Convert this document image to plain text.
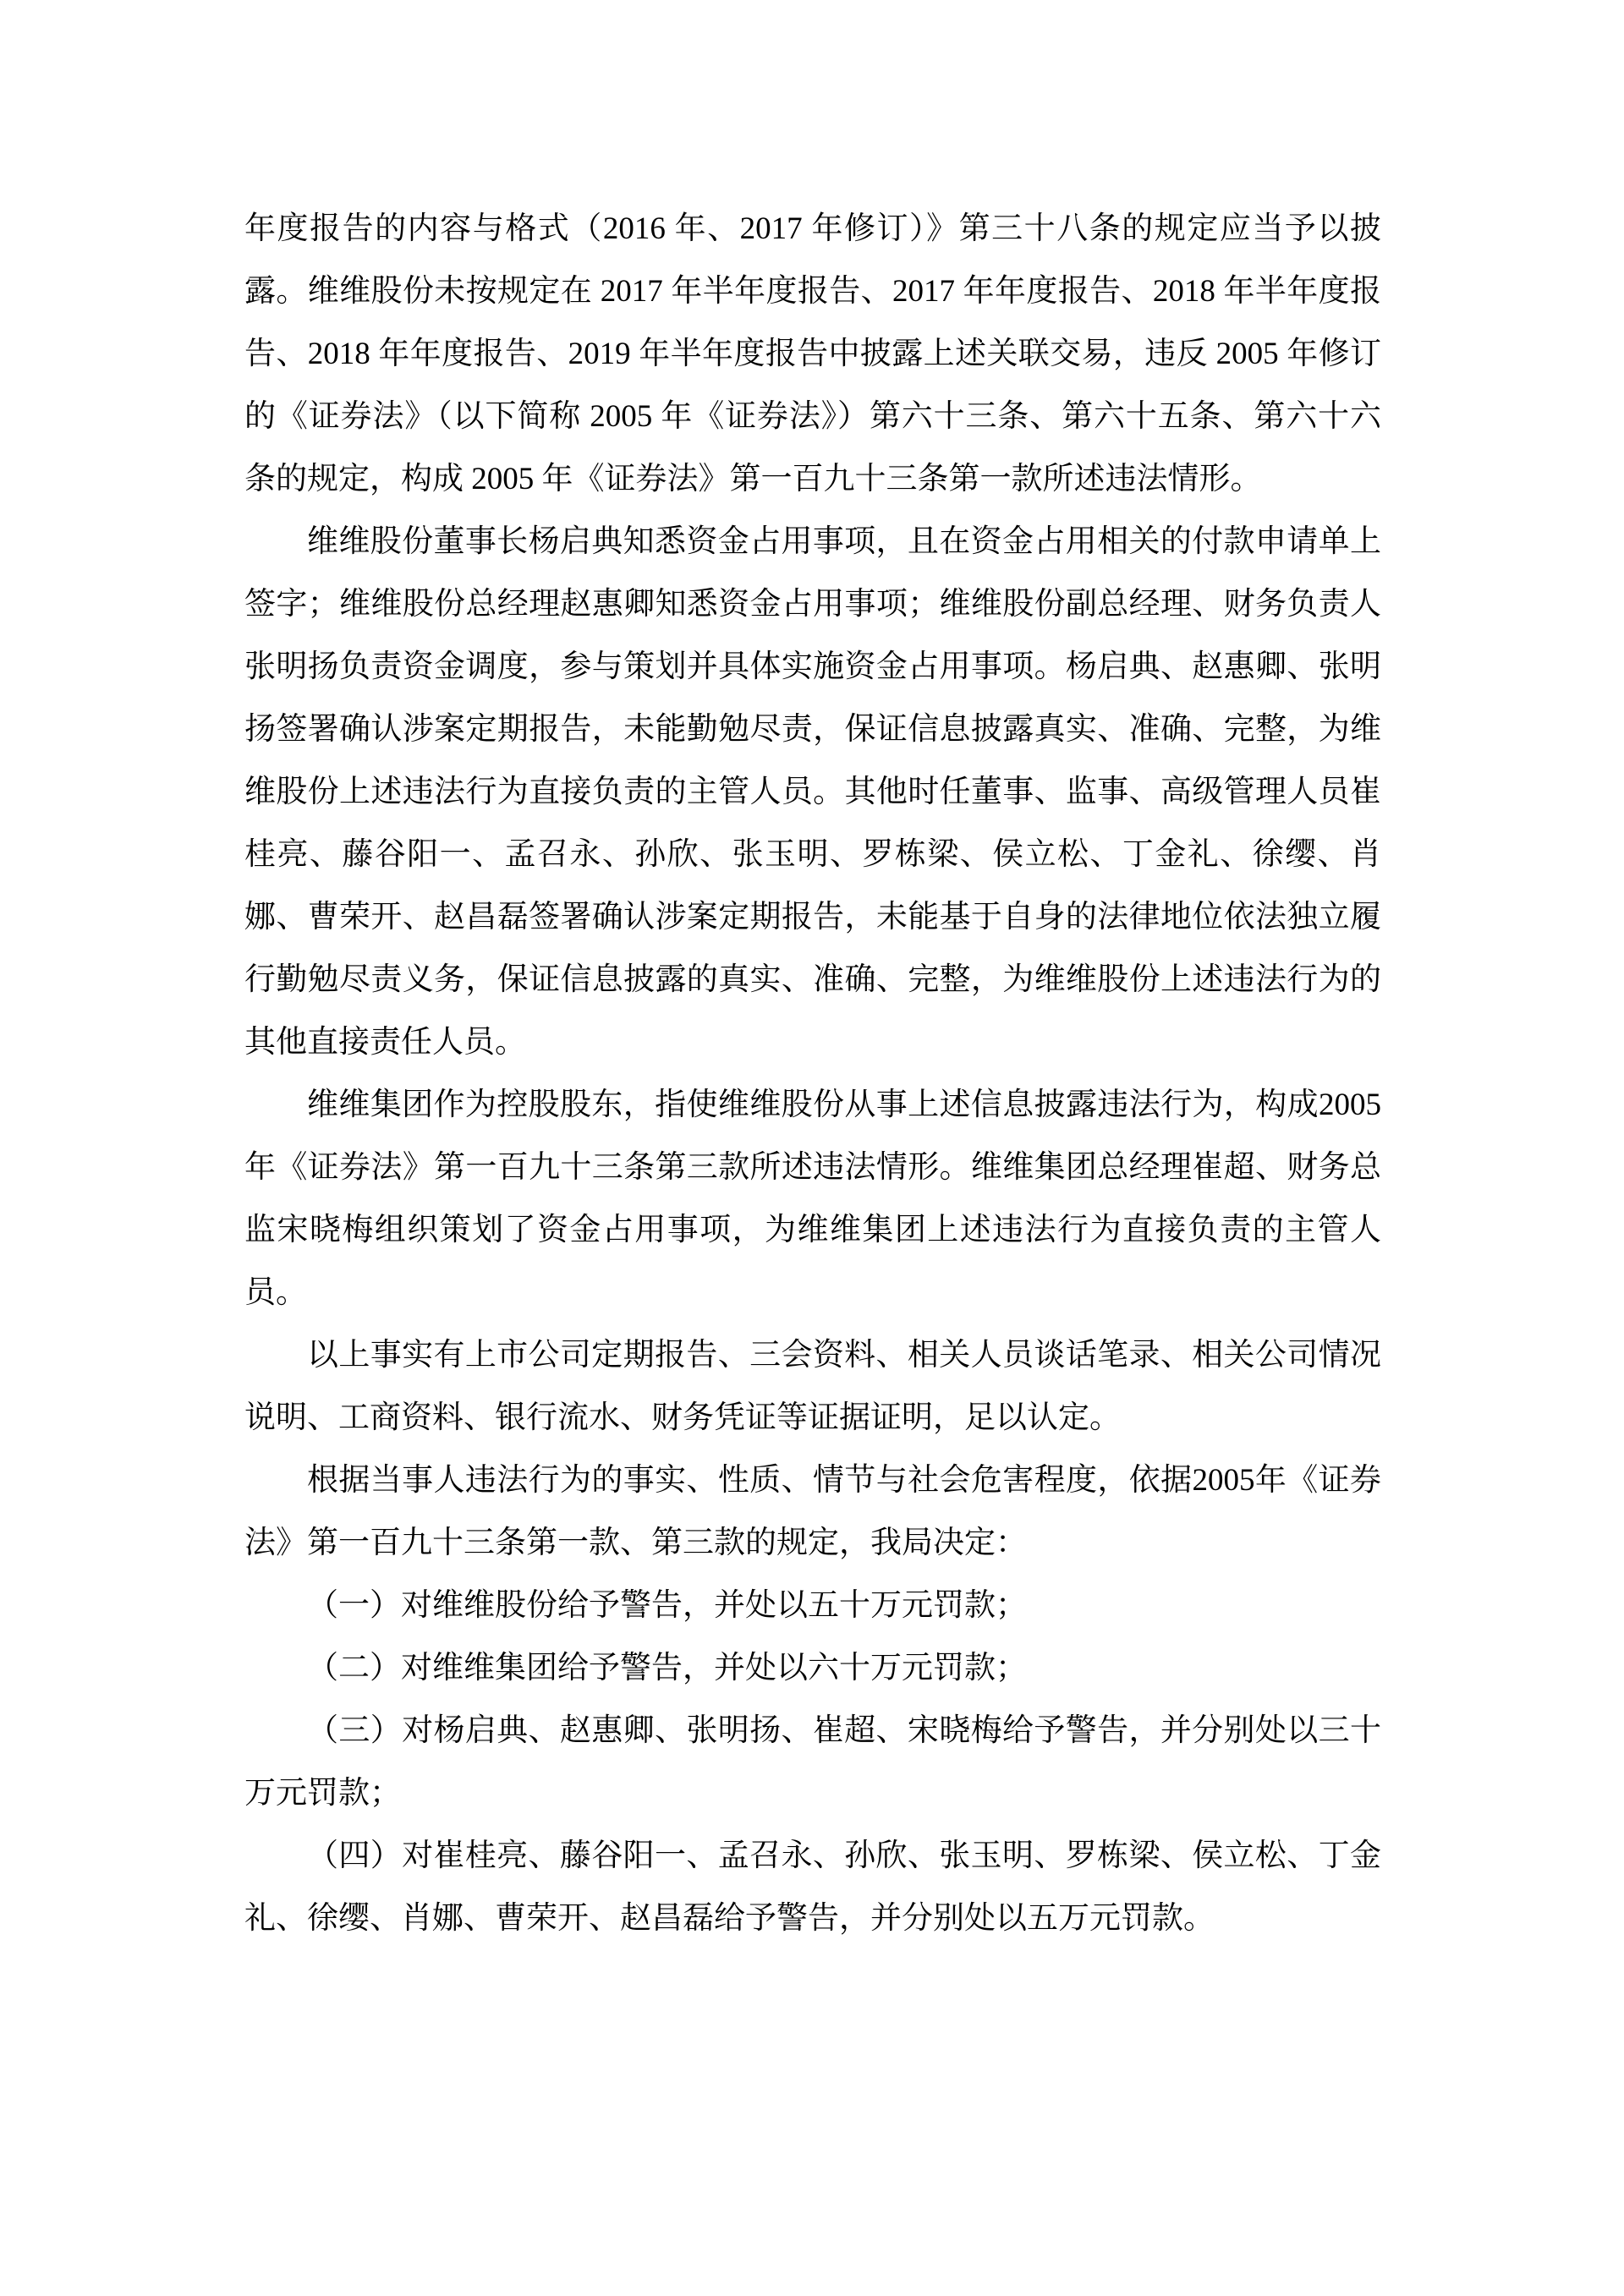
年度报告的内容与格式（2016 年、2017 年修订）》第三十八条的规定应当予以披露。维维股份未按规定在 2017 年半年度报告、2017 年年度报告、2018 年半年度报告、2018 年年度报告、2019 年半年度报告中披露上述关联交易，违反 2005 年修订的《证券法》（以下简称 2005 年《证券法》）第六十三条、第六十五条、第六十六条的规定，构成 2005 年《证券法》第一百九十三条第一款所述违法情形。

维维股份董事长杨启典知悉资金占用事项，且在资金占用相关的付款申请单上签字；维维股份总经理赵惠卿知悉资金占用事项；维维股份副总经理、财务负责人张明扬负责资金调度，参与策划并具体实施资金占用事项。杨启典、赵惠卿、张明扬签署确认涉案定期报告，未能勤勉尽责，保证信息披露真实、准确、完整，为维维股份上述违法行为直接负责的主管人员。其他时任董事、监事、高级管理人员崔桂亮、藤谷阳一、孟召永、孙欣、张玉明、罗栋梁、侯立松、丁金礼、徐缨、肖娜、曹荣开、赵昌磊签署确认涉案定期报告，未能基于自身的法律地位依法独立履行勤勉尽责义务，保证信息披露的真实、准确、完整，为维维股份上述违法行为的其他直接责任人员。

维维集团作为控股股东，指使维维股份从事上述信息披露违法行为，构成2005年《证券法》第一百九十三条第三款所述违法情形。维维集团总经理崔超、财务总监宋晓梅组织策划了资金占用事项，为维维集团上述违法行为直接负责的主管人员。

以上事实有上市公司定期报告、三会资料、相关人员谈话笔录、相关公司情况说明、工商资料、银行流水、财务凭证等证据证明，足以认定。

根据当事人违法行为的事实、性质、情节与社会危害程度，依据2005年《证券法》第一百九十三条第一款、第三款的规定，我局决定：

（一）对维维股份给予警告，并处以五十万元罚款；

（二）对维维集团给予警告，并处以六十万元罚款；

（三）对杨启典、赵惠卿、张明扬、崔超、宋晓梅给予警告，并分别处以三十万元罚款；

（四）对崔桂亮、藤谷阳一、孟召永、孙欣、张玉明、罗栋梁、侯立松、丁金礼、徐缨、肖娜、曹荣开、赵昌磊给予警告，并分别处以五万元罚款。
